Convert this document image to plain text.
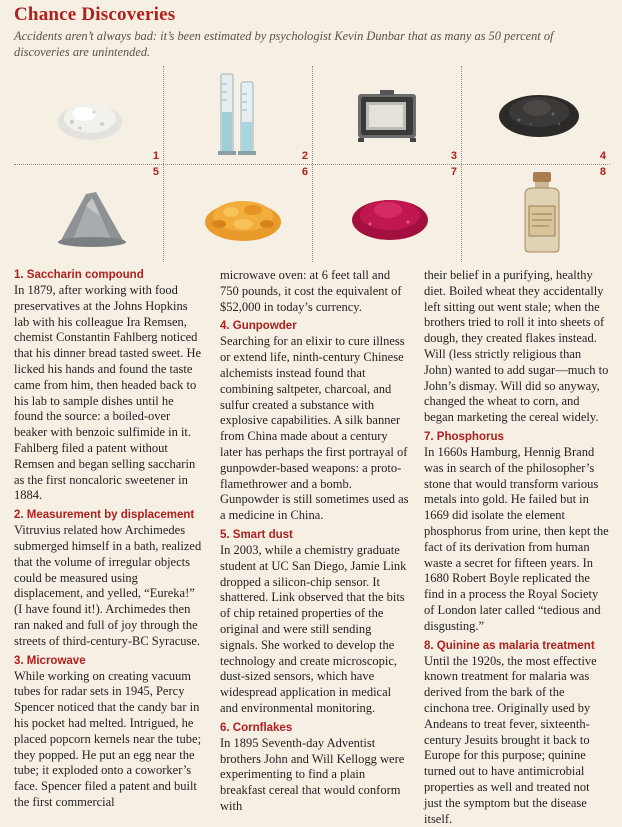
Chance Discoveries
Accidents aren’t always bad: it’s been estimated by psychologist Kevin Dunbar that as many as 50 percent of discoveries are unintended.
1	2	3	4
5	6	7	8
1. Saccharin compound
In 1879, after working with food preservatives at the Johns Hopkins lab with his colleague Ira Remsen, chemist Constantin Fahlberg noticed that his dinner bread tasted sweet. He licked his hands and found the taste came from him, then headed back to his lab to sample dishes until he found the source: a boiled-over beaker with benzoic sulfimide in it. Fahlberg filed a patent without Remsen and began selling saccharin as the first noncaloric sweetener in 1884.
2. Measurement by displacement
Vitruvius related how Archimedes submerged himself in a bath, realized that the volume of irregular objects could be measured using displacement, and yelled, “Eureka!” (I have found it!). Archimedes then ran naked and full of joy through the streets of third-century-BC Syracuse.
3. Microwave
While working on creating vacuum tubes for radar sets in 1945, Percy Spencer noticed that the candy bar in his pocket had melted. Intrigued, he placed popcorn kernels near the tube; they popped. He put an egg near the tube; it exploded onto a coworker’s face. Spencer filed a patent and built the first commercial
microwave oven: at 6 feet tall and 750 pounds, it cost the equivalent of $52,000 in today’s currency.
4. Gunpowder
Searching for an elixir to cure illness or extend life, ninth-century Chinese alchemists instead found that combining saltpeter, charcoal, and sulfur created a substance with explosive capabilities. A silk banner from China made about a century later has perhaps the first portrayal of gunpowder-based weapons: a proto-flamethrower and a bomb. Gunpowder is still sometimes used as a medicine in China.
5. Smart dust
In 2003, while a chemistry graduate student at UC San Diego, Jamie Link dropped a silicon-chip sensor. It shattered. Link observed that the bits of chip retained properties of the original and were still sending signals. She worked to develop the technology and create microscopic, dust-sized sensors, which have widespread application in medical and environmental monitoring.
6. Cornflakes
In 1895 Seventh-day Adventist brothers John and Will Kellogg were experimenting to find a plain breakfast cereal that would conform with
their belief in a purifying, healthy diet. Boiled wheat they accidentally left sitting out went stale; when the brothers tried to roll it into sheets of dough, they created flakes instead. Will (less strictly religious than John) wanted to add sugar—much to John’s dismay. Will did so anyway, changed the wheat to corn, and began marketing the cereal widely.
7. Phosphorus
In 1660s Hamburg, Hennig Brand was in search of the philosopher’s stone that would transform various metals into gold. He failed but in 1669 did isolate the element phosphorus from urine, then kept the fact of its derivation from human waste a secret for fifteen years. In 1680 Robert Boyle replicated the find in a process the Royal Society of London later called “tedious and disgusting.”
8. Quinine as malaria treatment
Until the 1920s, the most effective known treatment for malaria was derived from the bark of the cinchona tree. Originally used by Andeans to treat fever, sixteenth-century Jesuits brought it back to Europe for this purpose; quinine turned out to have antimicrobial properties as well and treated not just the symptom but the disease itself.
